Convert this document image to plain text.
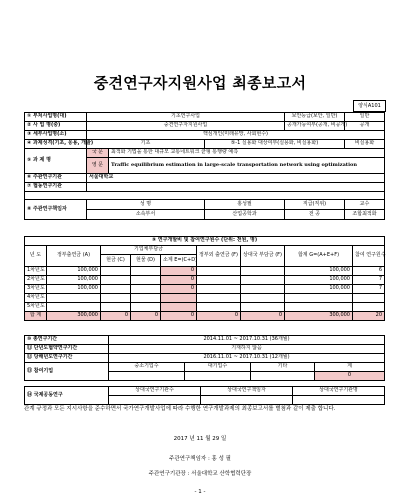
중견연구자지원사업 최종보고서
양식A101
① 부처사업명(대)	기초연구사업			보안등급(보안, 일반)	일반
② 사 업 명(중)	중견연구자지원사업			공개가능여부(공개, 비공개)	공개
③ 세부사업명(소)	핵심개인(미래유망, 사회현수)				
④ 과제성격(기초, 응용, 개발)	기초		⑤-1 실용화 대상여부(실용화, 비실용화)		비실용화
⑤ 과 제 명	국 문	최적화 기법을 통한 대규모 교통네트워크 균형 통행량 예측			
	영 문	Traffic equilibrium estimation in large-scale transportation network using optimization			
⑥ 주관연구기관	서울대학교				
⑦ 협동연구기관					

⑧ 주관연구책임자	성 명		홍성필	직급(직위)	교수
	소속부서		산업공학과	전 공	조합최적화
⑨ 연구개발비 및 참여연구원수 (단위: 천원, 명)								
년 도	정부출연금 (A)	기업체부담금			정부외 출연금 (F)	상대국 부담금 (F)	합계 G=(A+E+F)	참여 연구원수
		현금 (C)	현물 (D)	소계 E=(C+D)				
1차년도	100,000			0			100,000	6
2차년도	100,000			0			100,000	7
3차년도	100,000			0			100,000	7
4차년도								
5차년도								
합 계	300,000	0	0	0	0	0	300,000	20
⑩ 총연구기간	2014.11.01 ~ 2017.10.31 (36개월)			
⑪ 단년도협약연구기간	기재하지 않음			
⑫ 당해년도연구기간	2016.11.01 ~ 2017.10.31 (12개월)			
⑬ 참여기업	중소기업수	대기업수	기타	계
				0
⑭ 국제공동연구	상대국연구기관수	상대국연구책임자	상대국연구기관명

관계 규정과 모든 지시사항을 준수하면서 국가연구개발사업에 따라 수행한 연구개발과제의 최종보고서를 별첨과 같이 제출 합니다.
2017 년 11 월 29 일
주관연구책임자 : 홍 성 필
주관연구기관장 : 서울대학교 산학협력단장
- 1 -
